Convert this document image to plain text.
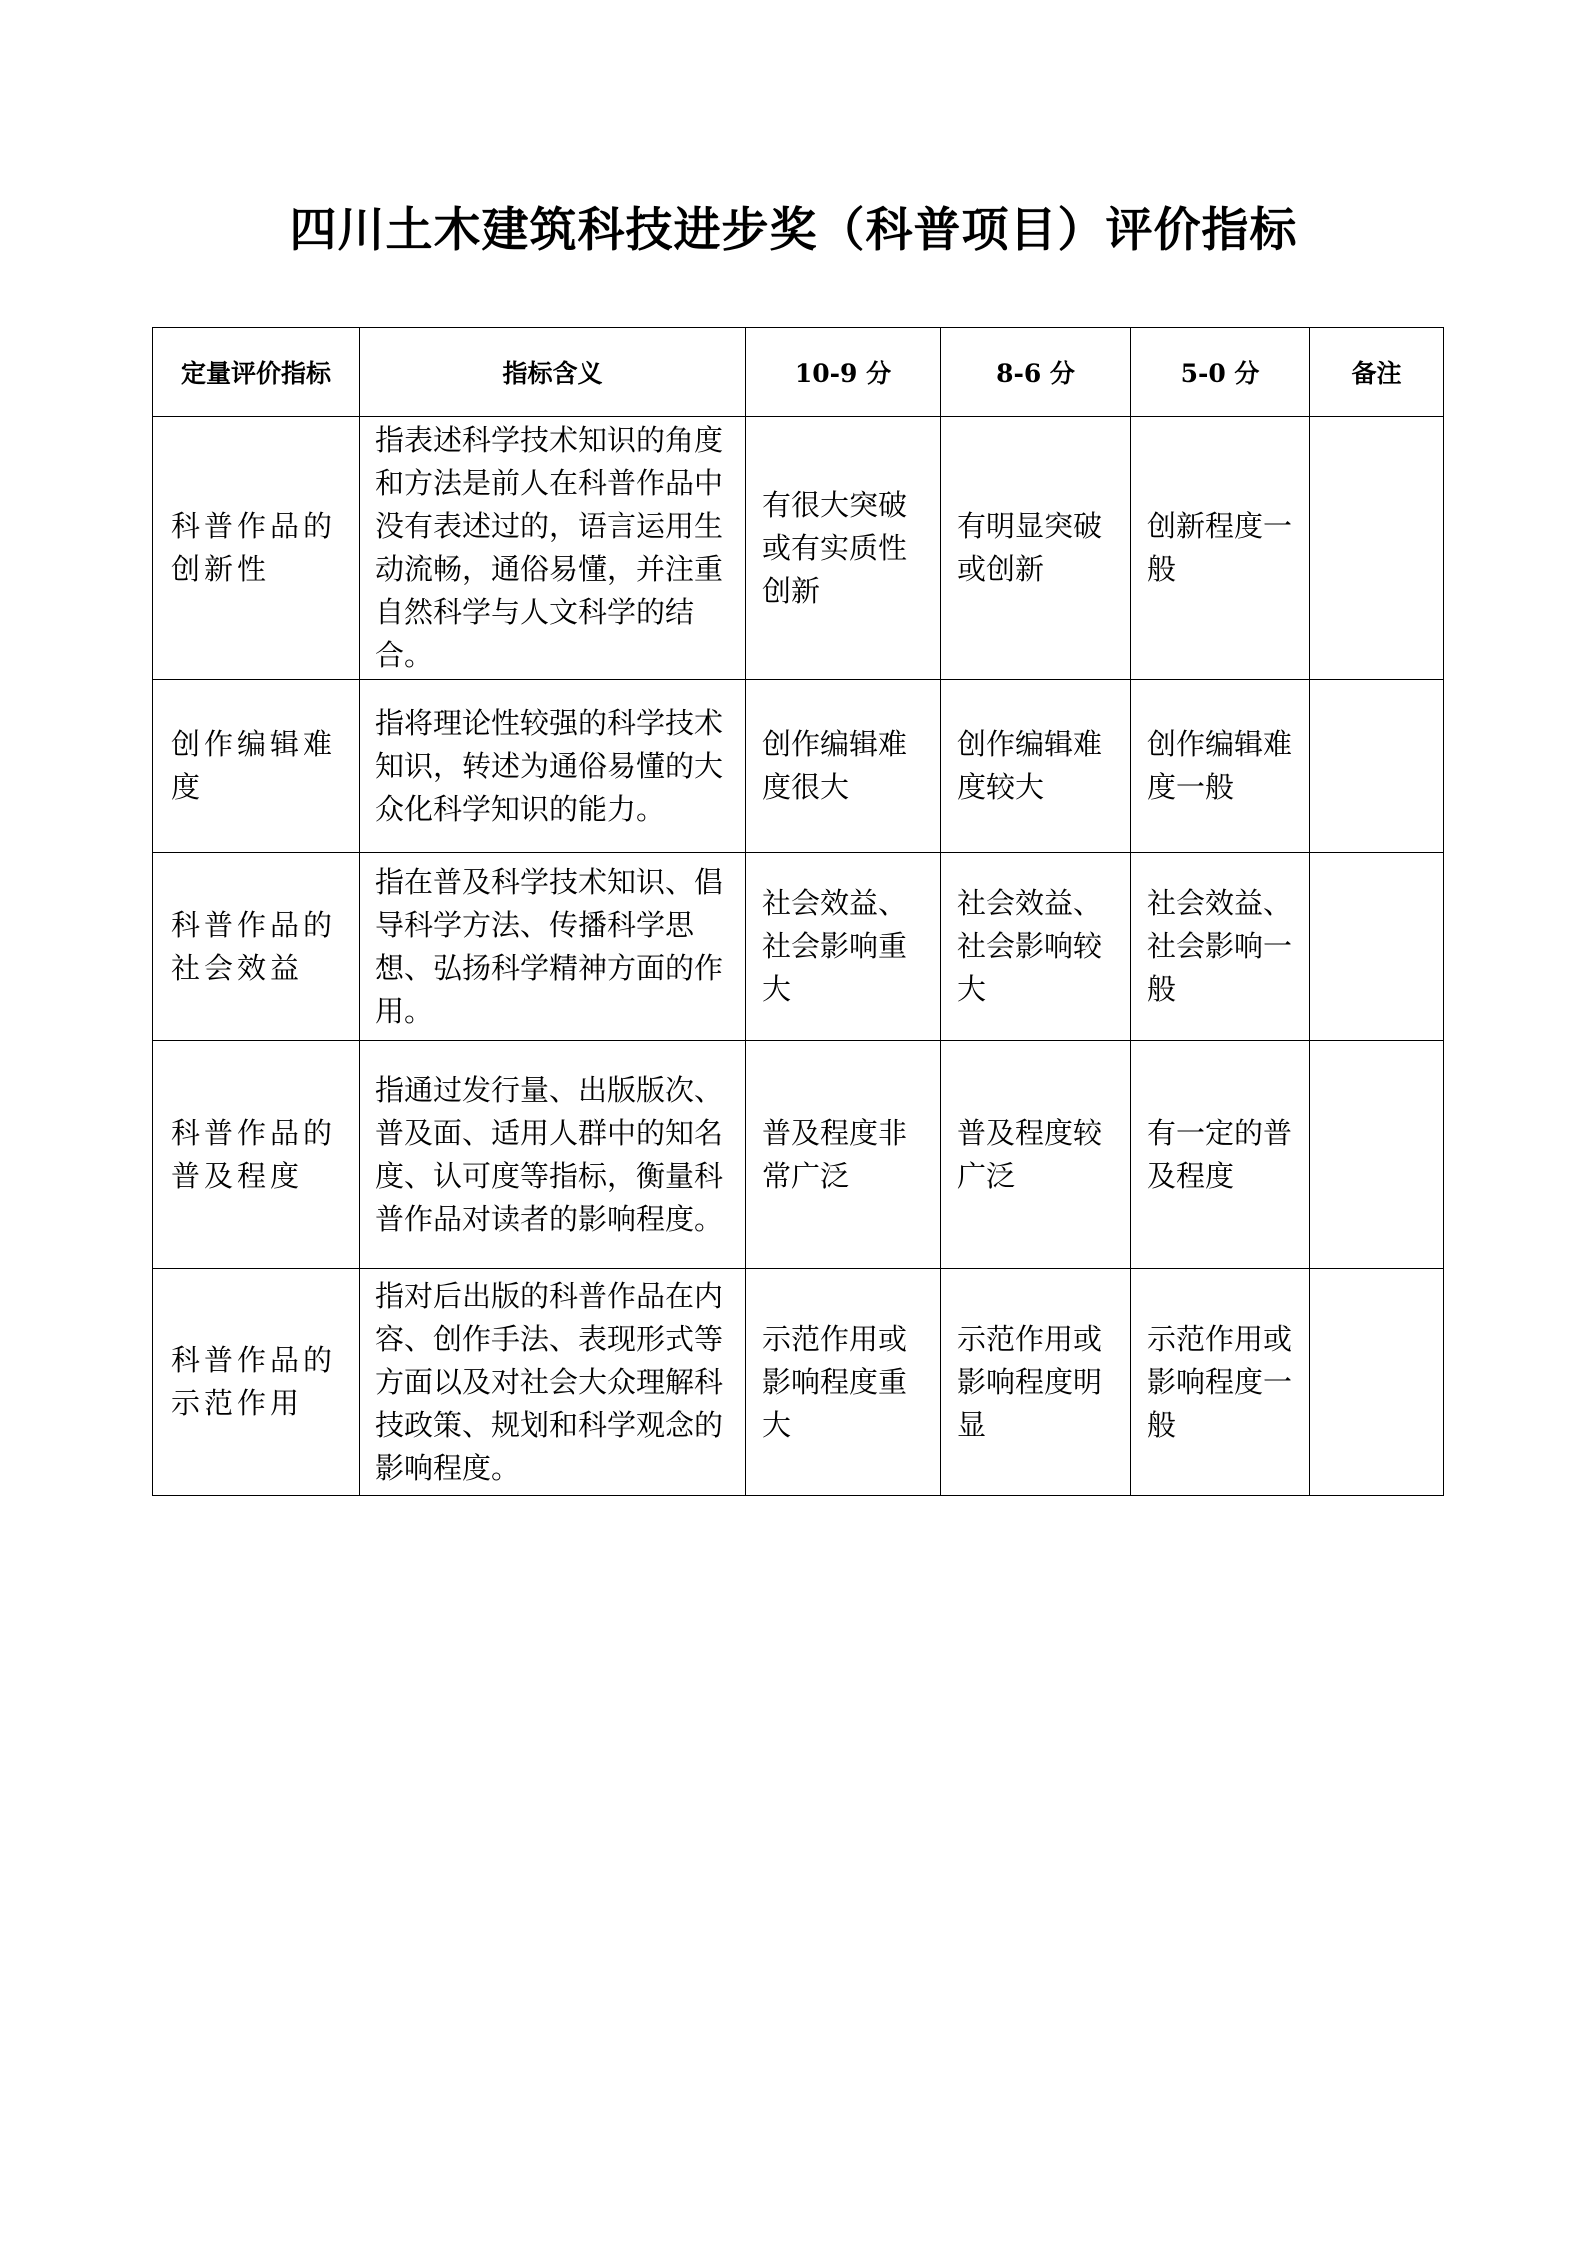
四川土木建筑科技进步奖（科普项目）评价指标
定量评价指标	指标含义	10-9 分	8-6 分	5-0 分	备注

科普作品的创新性	指表述科学技术知识的角度和方法是前人在科普作品中没有表述过的，语言运用生动流畅，通俗易懂，并注重自然科学与人文科学的结合。	有很大突破或有实质性创新	有明显突破或创新	创新程度一般	

创作编辑难度	指将理论性较强的科学技术知识，转述为通俗易懂的大众化科学知识的能力。	创作编辑难度很大	创作编辑难度较大	创作编辑难度一般	

科普作品的社会效益	指在普及科学技术知识、倡导科学方法、传播科学思想、弘扬科学精神方面的作用。	社会效益、社会影响重大	社会效益、社会影响较大	社会效益、社会影响一般	

科普作品的普及程度	指通过发行量、出版版次、普及面、适用人群中的知名度、认可度等指标，衡量科普作品对读者的影响程度。	普及程度非常广泛	普及程度较广泛	有一定的普及程度	

科普作品的示范作用	指对后出版的科普作品在内容、创作手法、表现形式等方面以及对社会大众理解科技政策、规划和科学观念的影响程度。	示范作用或影响程度重大	示范作用或影响程度明显	示范作用或影响程度一般	
